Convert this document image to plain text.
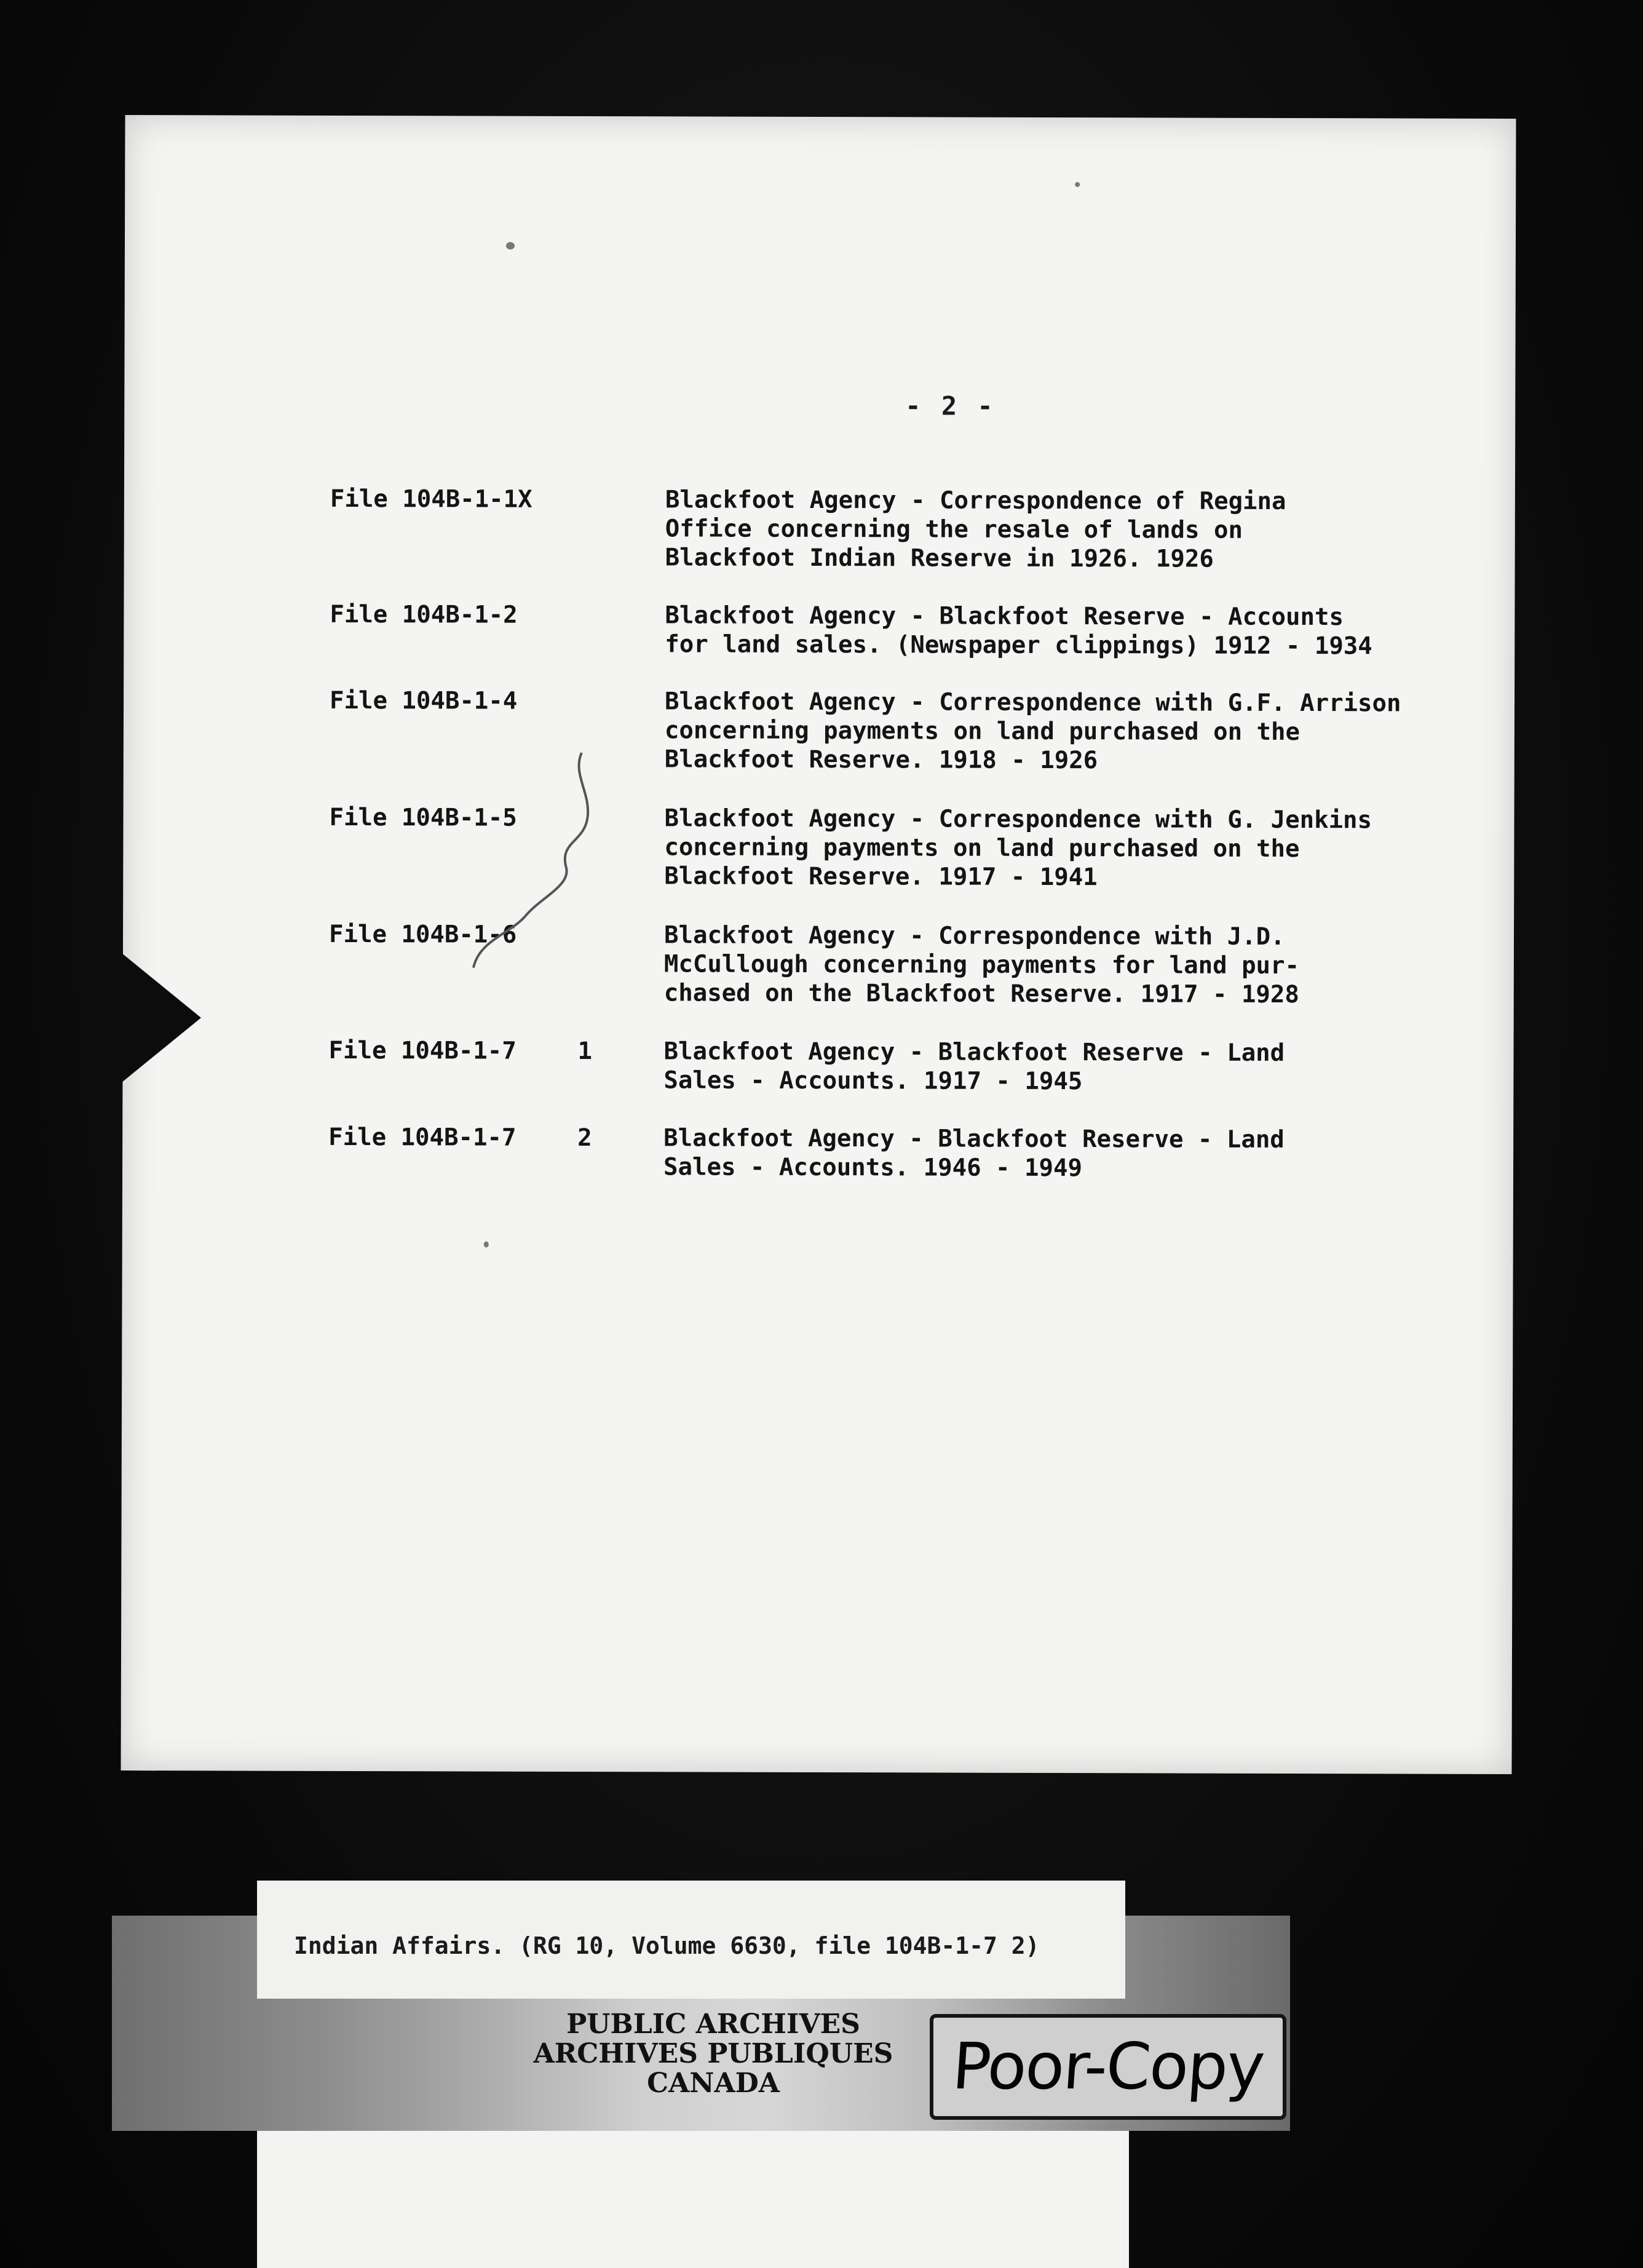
- 2 -
File 104B-1-1X	Blackfoot Agency - Correspondence of Regina
Office concerning the resale of lands on
Blackfoot Indian Reserve in 1926. 1926
File 104B-1-2	Blackfoot Agency - Blackfoot Reserve - Accounts
for land sales. (Newspaper clippings) 1912 - 1934
File 104B-1-4	Blackfoot Agency - Correspondence with G.F. Arrison
concerning payments on land purchased on the
Blackfoot Reserve. 1918 - 1926
File 104B-1-5	Blackfoot Agency - Correspondence with G. Jenkins
concerning payments on land purchased on the
Blackfoot Reserve. 1917 - 1941
File 104B-1-6	Blackfoot Agency - Correspondence with J.D.
McCullough concerning payments for land pur-
chased on the Blackfoot Reserve. 1917 - 1928
File 104B-1-7	1	Blackfoot Agency - Blackfoot Reserve - Land
Sales - Accounts. 1917 - 1945
File 104B-1-7	2	Blackfoot Agency - Blackfoot Reserve - Land
Sales - Accounts. 1946 - 1949
Indian Affairs. (RG 10, Volume 6630, file 104B-1-7 2)
PUBLIC ARCHIVES
ARCHIVES PUBLIQUES
CANADA	Poor-Copy
